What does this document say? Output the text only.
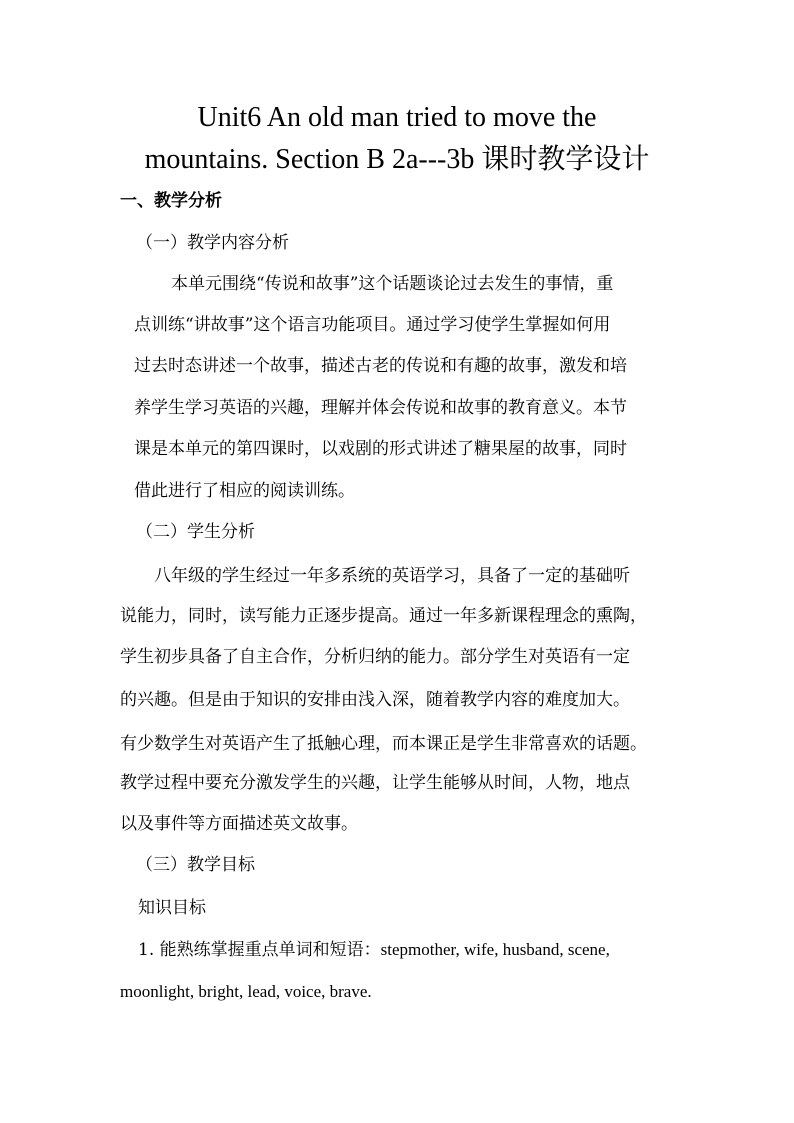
Unit6 An old man tried to move the
mountains. Section B 2a---3b 课时教学设计
一、教学分析
（一）教学内容分析
本单元围绕“传说和故事”这个话题谈论过去发生的事情，重
点训练“讲故事”这个语言功能项目。通过学习使学生掌握如何用
过去时态讲述一个故事，描述古老的传说和有趣的故事，激发和培
养学生学习英语的兴趣，理解并体会传说和故事的教育意义。本节
课是本单元的第四课时，以戏剧的形式讲述了糖果屋的故事，同时
借此进行了相应的阅读训练。
（二）学生分析
八年级的学生经过一年多系统的英语学习，具备了一定的基础听
说能力，同时，读写能力正逐步提高。通过一年多新课程理念的熏陶，
学生初步具备了自主合作，分析归纳的能力。部分学生对英语有一定
的兴趣。但是由于知识的安排由浅入深，随着教学内容的难度加大。
有少数学生对英语产生了抵触心理，而本课正是学生非常喜欢的话题。
教学过程中要充分激发学生的兴趣，让学生能够从时间，人物，地点
以及事件等方面描述英文故事。
（三）教学目标
知识目标
1. 能熟练掌握重点单词和短语：stepmother, wife, husband, scene,
moonlight, bright, lead, voice, brave.
